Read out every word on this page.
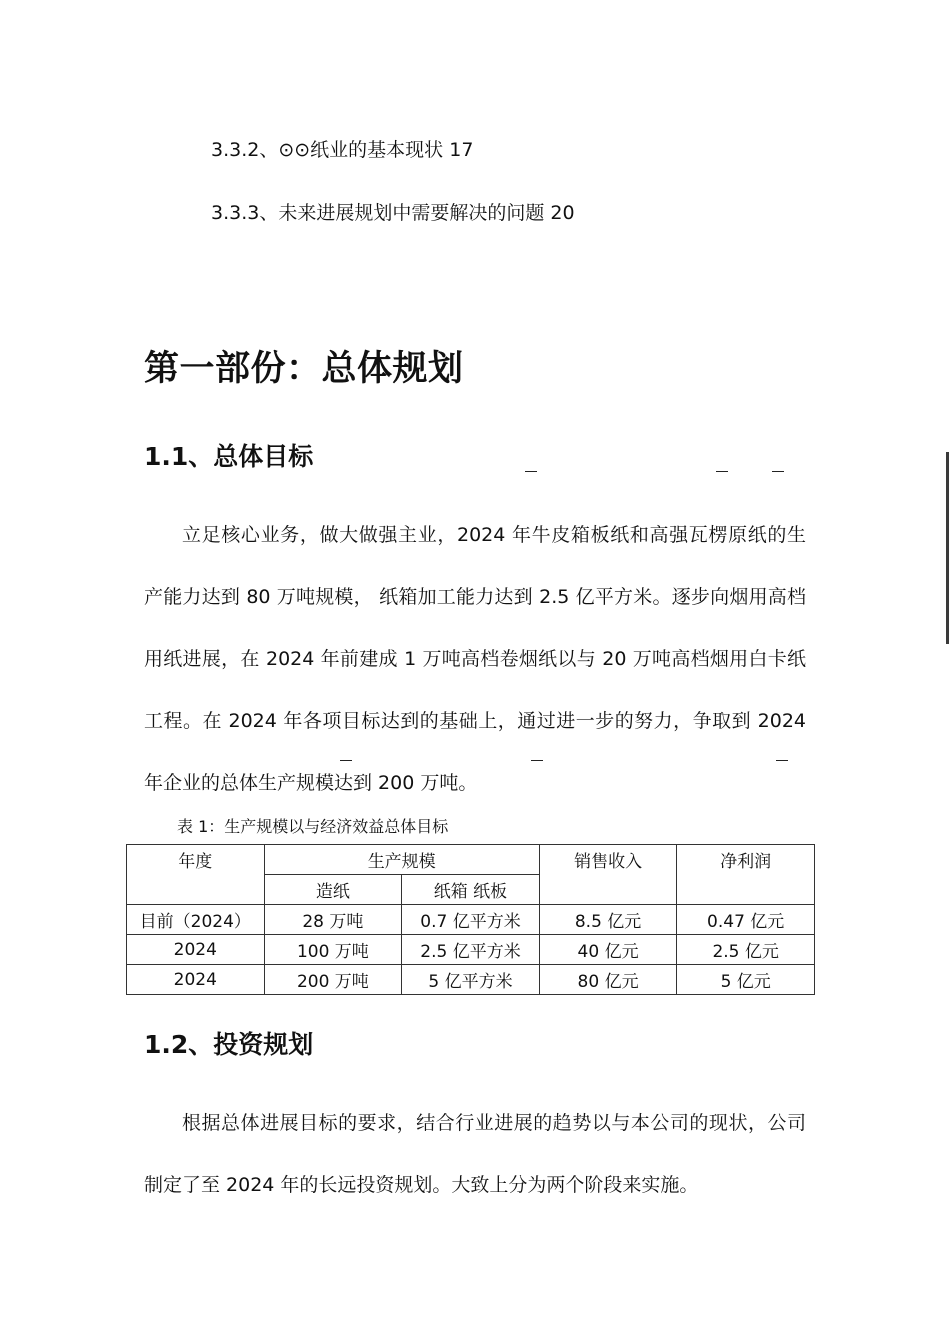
3.3.2、⊙⊙纸业的基本现状 17
3.3.3、未来进展规划中需要解决的问题 20
第一部份：总体规划
1.1、总体目标
立足核心业务，做大做强主业，2024 年牛皮箱板纸和高强瓦楞原纸的生
产能力达到 80 万吨规模， 纸箱加工能力达到 2.5 亿平方米。逐步向烟用高档
用纸进展，在 2024 年前建成 1 万吨高档卷烟纸以与 20 万吨高档烟用白卡纸
工程。在 2024 年各项目标达到的基础上，通过进一步的努力，争取到 2024
年企业的总体生产规模达到 200 万吨。
表 1：生产规模以与经济效益总体目标
年度	生产规模		销售收入	净利润
	造纸	纸箱 纸板		
目前（2024）	28 万吨	0.7 亿平方米	8.5 亿元	0.47 亿元
2024	100 万吨	2.5 亿平方米	40 亿元	2.5 亿元
2024	200 万吨	5 亿平方米	80 亿元	5 亿元
1.2、投资规划
根据总体进展目标的要求，结合行业进展的趋势以与本公司的现状，公司
制定了至 2024 年的长远投资规划。大致上分为两个阶段来实施。
